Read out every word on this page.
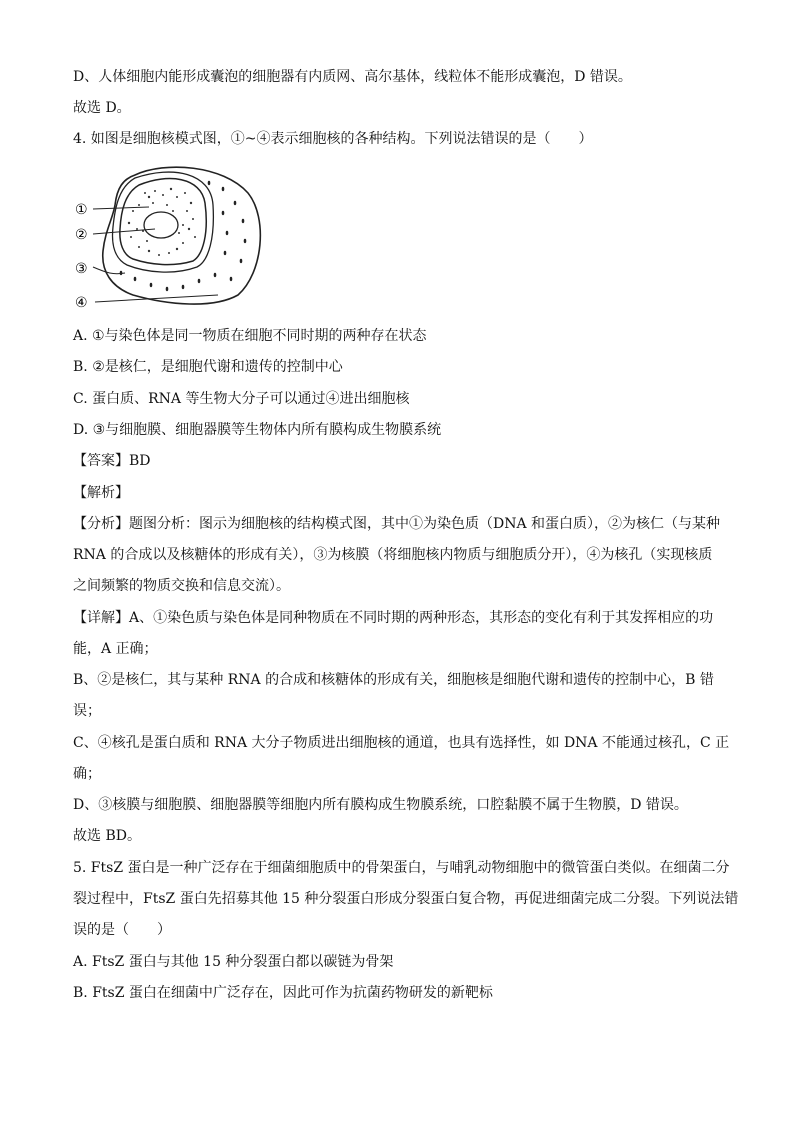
D、人体细胞内能形成囊泡的细胞器有内质网、高尔基体，线粒体不能形成囊泡，D 错误。
故选 D。
4. 如图是细胞核模式图，①~④表示细胞核的各种结构。下列说法错误的是（　　）
①
②
③
④
A. ①与染色体是同一物质在细胞不同时期的两种存在状态
B. ②是核仁，是细胞代谢和遗传的控制中心
C. 蛋白质、RNA 等生物大分子可以通过④进出细胞核
D. ③与细胞膜、细胞器膜等生物体内所有膜构成生物膜系统
【答案】BD
【解析】
【分析】题图分析：图示为细胞核的结构模式图，其中①为染色质（DNA 和蛋白质），②为核仁（与某种
RNA 的合成以及核糖体的形成有关），③为核膜（将细胞核内物质与细胞质分开），④为核孔（实现核质
之间频繁的物质交换和信息交流）。
【详解】A、①染色质与染色体是同种物质在不同时期的两种形态，其形态的变化有利于其发挥相应的功
能，A 正确；
B、②是核仁，其与某种 RNA 的合成和核糖体的形成有关，细胞核是细胞代谢和遗传的控制中心，B 错
误；
C、④核孔是蛋白质和 RNA 大分子物质进出细胞核的通道，也具有选择性，如 DNA 不能通过核孔，C 正
确；
D、③核膜与细胞膜、细胞器膜等细胞内所有膜构成生物膜系统，口腔黏膜不属于生物膜，D 错误。
故选 BD。
5. FtsZ 蛋白是一种广泛存在于细菌细胞质中的骨架蛋白，与哺乳动物细胞中的微管蛋白类似。在细菌二分
裂过程中，FtsZ 蛋白先招募其他 15 种分裂蛋白形成分裂蛋白复合物，再促进细菌完成二分裂。下列说法错
误的是（　　）
A. FtsZ 蛋白与其他 15 种分裂蛋白都以碳链为骨架
B. FtsZ 蛋白在细菌中广泛存在，因此可作为抗菌药物研发的新靶标
